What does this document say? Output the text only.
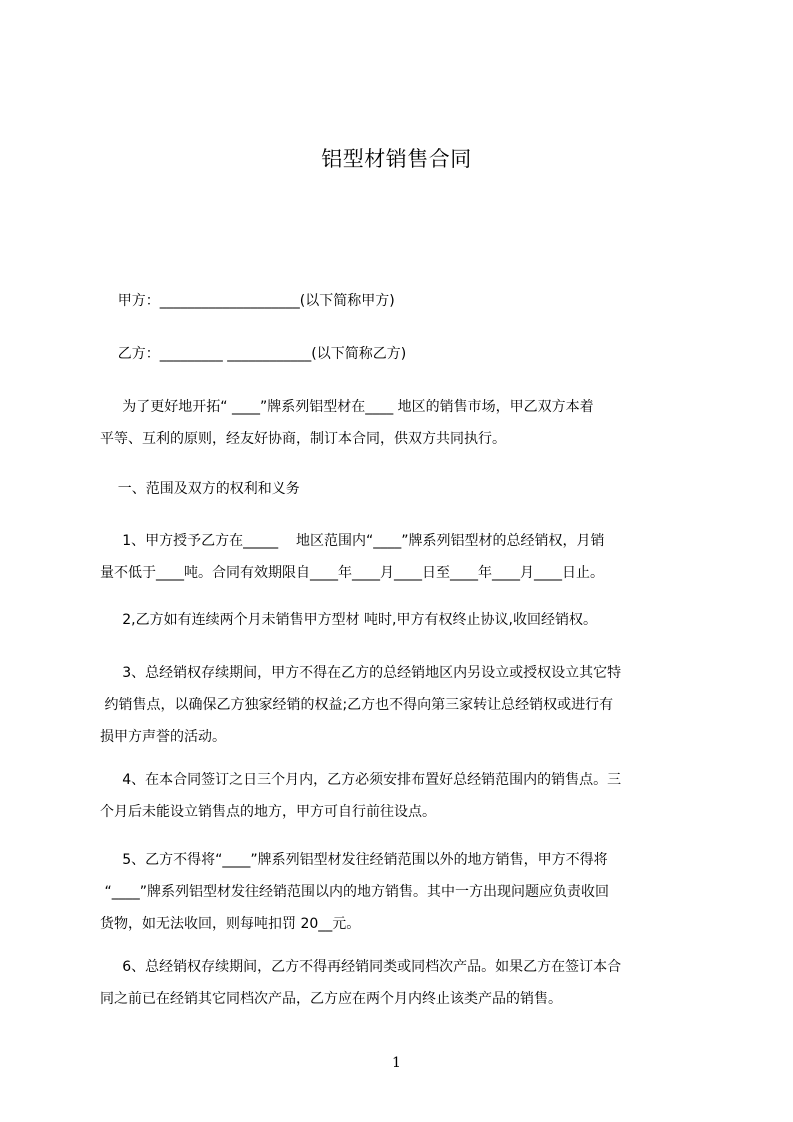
铝型材销售合同

甲方：____________________(以下简称甲方)

乙方：_________ ____________(以下简称乙方)

为了更好地开拓“ ____”牌系列铝型材在____ 地区的销售市场，甲乙双方本着
平等、互利的原则，经友好协商，制订本合同，供双方共同执行。

一、范围及双方的权利和义务

1、甲方授予乙方在_____    地区范围内“____”牌系列铝型材的总经销权，月销
量不低于____吨。合同有效期限自____年____月____日至____年____月____日止。
2,乙方如有连续两个月未销售甲方型材 吨时,甲方有权终止协议,收回经销权。
3、总经销权存续期间，甲方不得在乙方的总经销地区内另设立或授权设立其它特
约销售点，以确保乙方独家经销的权益;乙方也不得向第三家转让总经销权或进行有
损甲方声誉的活动。
4、在本合同签订之日三个月内，乙方必须安排布置好总经销范围内的销售点。三
个月后未能设立销售点的地方，甲方可自行前往设点。
5、乙方不得将“____”牌系列铝型材发往经销范围以外的地方销售，甲方不得将
“____”牌系列铝型材发往经销范围以内的地方销售。其中一方出现问题应负责收回
货物，如无法收回，则每吨扣罚 20__元。
6、总经销权存续期间，乙方不得再经销同类或同档次产品。如果乙方在签订本合
同之前已在经销其它同档次产品，乙方应在两个月内终止该类产品的销售。
1
